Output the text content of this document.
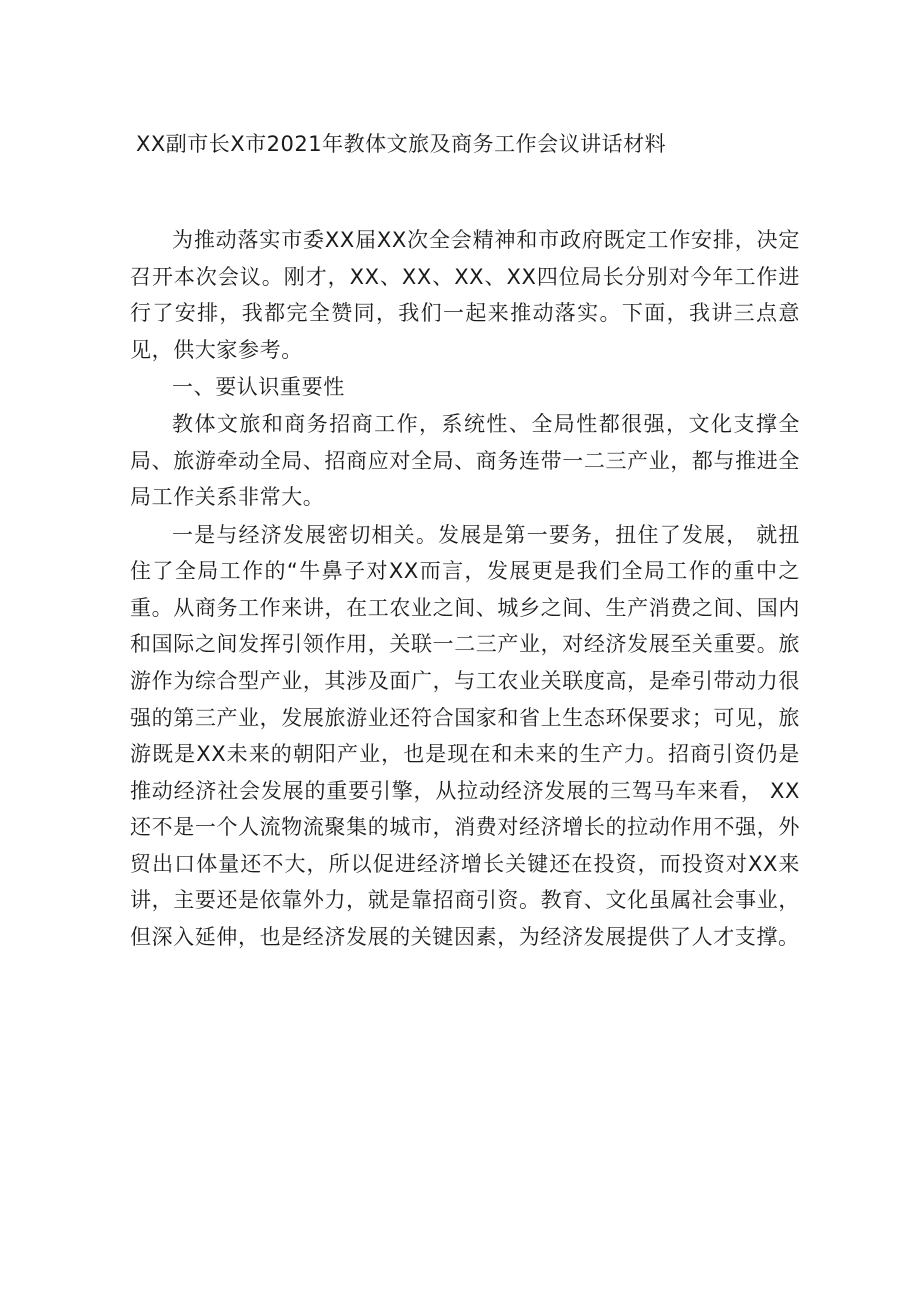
XX副市长X市2021年教体文旅及商务工作会议讲话材料

为推动落实市委XX届XX次全会精神和市政府既定工作安排，决定召开本次会议。刚才，XX、XX、XX、XX四位局长分别对今年工作进行了安排，我都完全赞同，我们一起来推动落实。下面，我讲三点意见，供大家参考。

一、要认识重要性

教体文旅和商务招商工作，系统性、全局性都很强，文化支撑全局、旅游牵动全局、招商应对全局、商务连带一二三产业，都与推进全局工作关系非常大。

一是与经济发展密切相关。发展是第一要务，扭住了发展， 就扭住了全局工作的“牛鼻子对XX而言，发展更是我们全局工作的重中之重。从商务工作来讲，在工农业之间、城乡之间、生产消费之间、国内和国际之间发挥引领作用，关联一二三产业，对经济发展至关重要。旅游作为综合型产业，其涉及面广，与工农业关联度高，是牵引带动力很强的第三产业，发展旅游业还符合国家和省上生态环保要求；可见，旅游既是XX未来的朝阳产业，也是现在和未来的生产力。招商引资仍是推动经济社会发展的重要引擎，从拉动经济发展的三驾马车来看， XX还不是一个人流物流聚集的城市，消费对经济增长的拉动作用不强，外贸出口体量还不大，所以促进经济增长关键还在投资，而投资对XX来讲，主要还是依靠外力，就是靠招商引资。教育、文化虽属社会事业，但深入延伸，也是经济发展的关键因素，为经济发展提供了人才支撑。
